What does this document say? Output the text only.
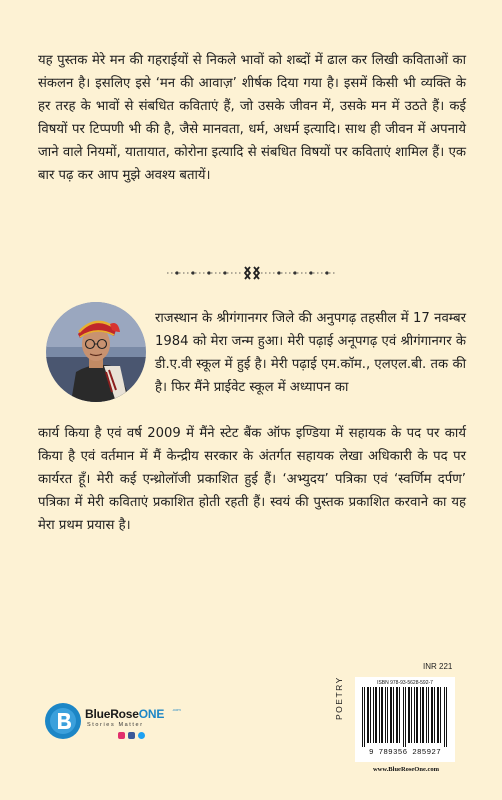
यह पुस्तक मेरे मन की गहराईयों से निकले भावों को शब्दों में ढाल कर लिखी कविताओं का संकलन है। इसलिए इसे ‘मन की आवाज़’ शीर्षक दिया गया है। इसमें किसी भी व्यक्ति के हर तरह के भावों से संबधित कविताएं हैं, जो उसके जीवन में, उसके मन में उठते हैं। कई विषयों पर टिप्पणी भी की है, जैसे मानवता, धर्म, अधर्म इत्यादि। साथ ही जीवन में अपनाये जाने वाले नियमों, यातायात, कोरोना इत्यादि से संबधित विषयों पर कविताएं शामिल हैं। एक बार पढ़ कर आप मुझे अवश्य बतायें।
राजस्थान के श्रीगंगानगर जिले की अनुपगढ़ तहसील में 17 नवम्बर 1984 को मेरा जन्म हुआ। मेरी पढ़ाई अनूपगढ़ एवं श्रीगंगानगर के डी.ए.वी स्कूल में हुई है। मेरी पढ़ाई एम.कॉम., एलएल.बी. तक की है। फिर मैंने प्राईवेट स्कूल में अध्यापन का
कार्य किया है एवं वर्ष 2009 में मैंने स्टेट बैंक ऑफ इण्डिया में सहायक के पद पर कार्य किया है एवं वर्तमान में मैं केन्द्रीय सरकार के अंतर्गत सहायक लेखा अधिकारी के पद पर कार्यरत हूँ। मेरी कई एन्थ्रोलॉजी प्रकाशित हुई हैं। ‘अभ्युदय’ पत्रिका एवं ‘स्वर्णिम दर्पण’ पत्रिका में मेरी कविताएं प्रकाशित होती रहती हैं। स्वयं की पुस्तक प्रकाशित करवाने का यह मेरा प्रथम प्रयास है।
BlueRoseONE .com
Stories Matter
INR 221
POETRY	ISBN 978-93-5628-592-7
9 789356 285927
www.BlueRoseOne.com
